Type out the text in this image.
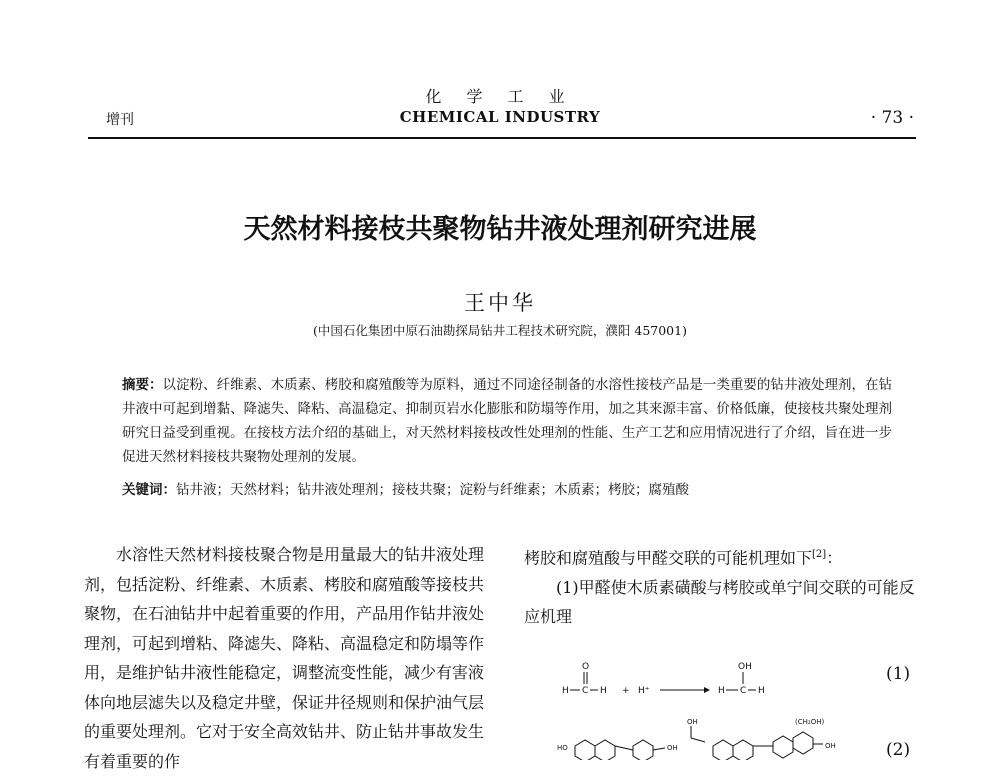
化 学 工 业
CHEMICAL INDUSTRY
增刊	· 73 ·
天然材料接枝共聚物钻井液处理剂研究进展
王中华
(中国石化集团中原石油勘探局钻井工程技术研究院，濮阳 457001)
摘要：以淀粉、纤维素、木质素、栲胶和腐殖酸等为原料，通过不同途径制备的水溶性接枝产品是一类重要的钻井液处理剂，在钻井液中可起到增黏、降滤失、降粘、高温稳定、抑制页岩水化膨胀和防塌等作用，加之其来源丰富、价格低廉，使接枝共聚处理剂研究日益受到重视。在接枝方法介绍的基础上，对天然材料接枝改性处理剂的性能、生产工艺和应用情况进行了介绍，旨在进一步促进天然材料接枝共聚物处理剂的发展。
关键词：钻井液；天然材料；钻井液处理剂；接枝共聚；淀粉与纤维素；木质素；栲胶；腐殖酸

水溶性天然材料接枝聚合物是用量最大的钻井液处理剂，包括淀粉、纤维素、木质素、栲胶和腐殖酸等接枝共聚物，在石油钻井中起着重要的作用，产品用作钻井液处理剂，可起到增粘、降滤失、降粘、高温稳定和防塌等作用，是维护钻井液性能稳定，调整流变性能，减少有害液体向地层滤失以及稳定井壁，保证井径规则和保护油气层的重要处理剂。它对于安全高效钻井、防止钻井事故发生有着重要的作

栲胶和腐殖酸与甲醛交联的可能机理如下[2]：

(1)甲醛使木质素磺酸与栲胶或单宁间交联的可能反应机理

O
H C H + H⁺
OH
H C H
(1)
HO	OH
OH	(CH₂OH)
OH	(2)
